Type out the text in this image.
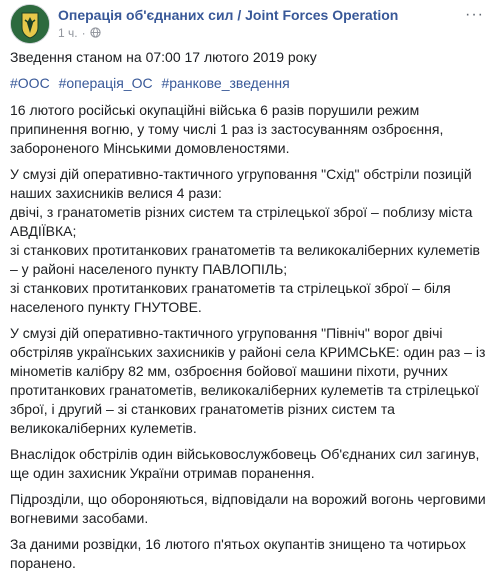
Операція об'єднаних сил / Joint Forces Operation
1 ч. ·
···

Зведення станом на 07:00 17 лютого 2019 року

#ООС #операція_ОС #ранкове_зведення

16 лютого російські окупаційні війська 6 разів порушили режим припинення вогню, у тому числі 1 раз із застосуванням озброєння, забороненого Мінськими домовленостями.

У смузі дій оперативно-тактичного угруповання "Схід" обстріли позицій наших захисників велися 4 рази:
двічі, з гранатометів різних систем та стрілецької зброї – поблизу міста АВДІЇВКА;
зі станкових протитанкових гранатометів та великокаліберних кулеметів – у районі населеного пункту ПАВЛОПІЛЬ;
зі станкових протитанкових гранатометів та стрілецької зброї – біля населеного пункту ГНУТОВЕ.

У смузі дій оперативно-тактичного угруповання "Північ" ворог двічі обстріляв українських захисників у районі села КРИМСЬКЕ: один раз – із мінометів калібру 82 мм, озброєння бойової машини піхоти, ручних протитанкових гранатометів, великокаліберних кулеметів та стрілецької зброї, і другий – зі станкових гранатометів різних систем та великокаліберних кулеметів.

Внаслідок обстрілів один військовослужбовець Об'єднаних сил загинув, ще один захисник України отримав поранення.

Підрозділи, що обороняються, відповідали на ворожий вогонь черговими вогневими засобами.

За даними розвідки, 16 лютого п'ятьох окупантів знищено та чотирьох поранено.
